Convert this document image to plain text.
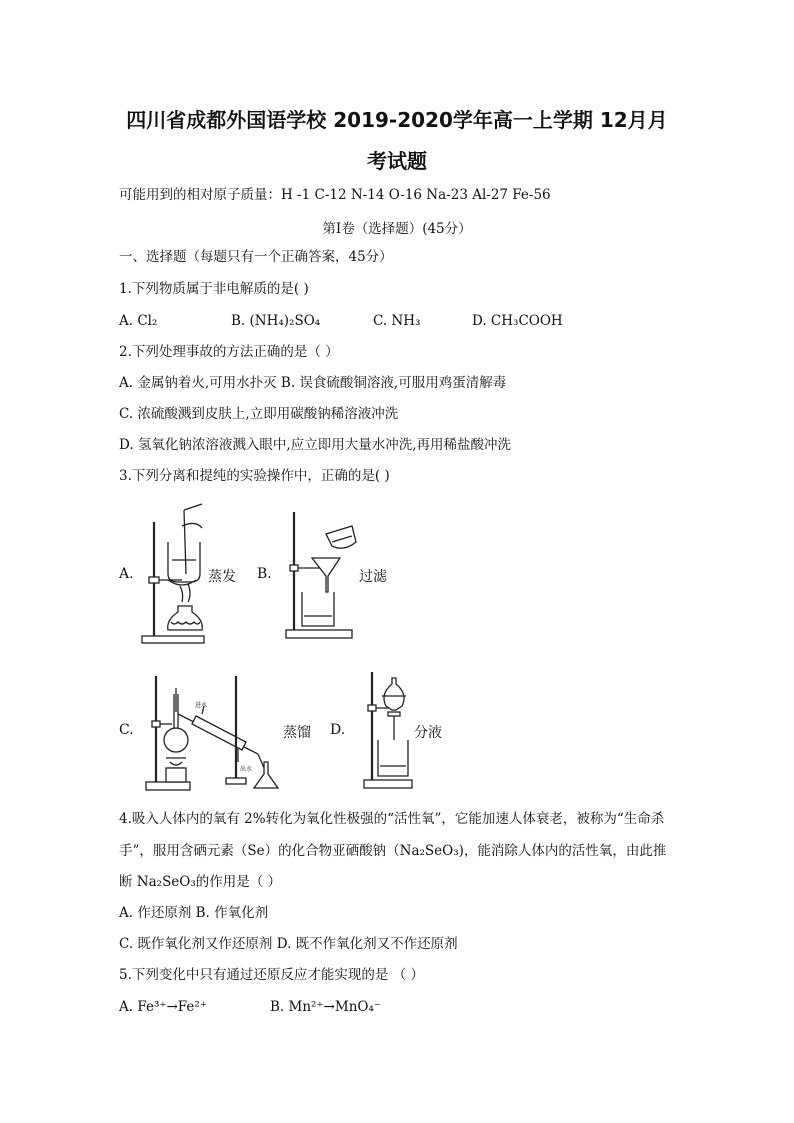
四川省成都外国语学校 2019-2020学年高一上学期 12月月
考试题
可能用到的相对原子质量：H -1 C-12 N-14 O-16 Na-23 Al-27 Fe-56
第Ⅰ卷（选择题）(45分）
一、选择题（每题只有一个正确答案，45分）
1.下列物质属于非电解质的是( )
A. Cl₂	B. (NH₄)₂SO₄	C. NH₃	D. CH₃COOH
2.下列处理事故的方法正确的是（ ）
A. 金属钠着火,可用水扑灭 B. 误食硫酸铜溶液,可服用鸡蛋清解毒
C. 浓硫酸溅到皮肤上,立即用碳酸钠稀溶液冲洗
D. 氢氧化钠浓溶液溅入眼中,应立即用大量水冲洗,再用稀盐酸冲洗
3.下列分离和提纯的实验操作中，正确的是( )
A.	蒸发 B.	过滤
C.	蒸馏 D.	分液
进水
出水
4.吸入人体内的氧有 2%转化为氧化性极强的“活性氧”，它能加速人体衰老，被称为“生命杀
手”，服用含硒元素（Se）的化合物亚硒酸钠（Na₂SeO₃)，能消除人体内的活性氧，由此推
断 Na₂SeO₃的作用是（ ）
A. 作还原剂 B. 作氧化剂
C. 既作氧化剂又作还原剂 D. 既不作氧化剂又不作还原剂
5.下列变化中只有通过还原反应才能实现的是 （ ）
A. Fe³⁺→Fe²⁺	B. Mn²⁺→MnO₄⁻
